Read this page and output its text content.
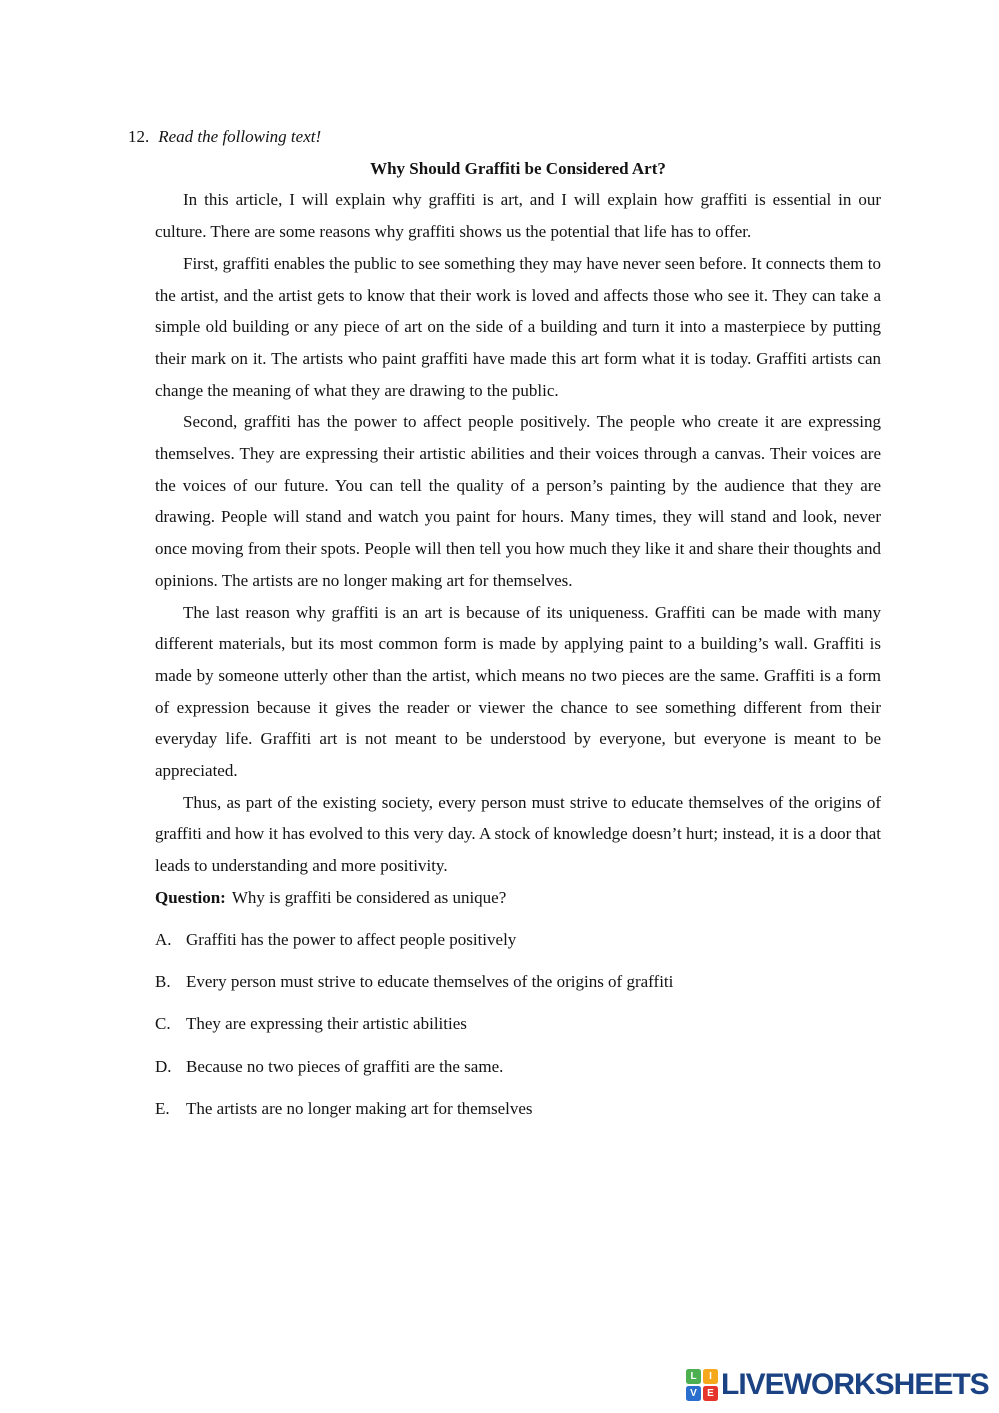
12. Read the following text!

Why Should Graffiti be Considered Art?

In this article, I will explain why graffiti is art, and I will explain how graffiti is essential in our culture. There are some reasons why graffiti shows us the potential that life has to offer.

First, graffiti enables the public to see something they may have never seen before. It connects them to the artist, and the artist gets to know that their work is loved and affects those who see it. They can take a simple old building or any piece of art on the side of a building and turn it into a masterpiece by putting their mark on it. The artists who paint graffiti have made this art form what it is today. Graffiti artists can change the meaning of what they are drawing to the public.

Second, graffiti has the power to affect people positively. The people who create it are expressing themselves. They are expressing their artistic abilities and their voices through a canvas. Their voices are the voices of our future. You can tell the quality of a person’s painting by the audience that they are drawing. People will stand and watch you paint for hours. Many times, they will stand and look, never once moving from their spots. People will then tell you how much they like it and share their thoughts and opinions. The artists are no longer making art for themselves.

The last reason why graffiti is an art is because of its uniqueness. Graffiti can be made with many different materials, but its most common form is made by applying paint to a building’s wall. Graffiti is made by someone utterly other than the artist, which means no two pieces are the same. Graffiti is a form of expression because it gives the reader or viewer the chance to see something different from their everyday life. Graffiti art is not meant to be understood by everyone, but everyone is meant to be appreciated.

Thus, as part of the existing society, every person must strive to educate themselves of the origins of graffiti and how it has evolved to this very day. A stock of knowledge doesn’t hurt; instead, it is a door that leads to understanding and more positivity.

Question: Why is graffiti be considered as unique?

A. Graffiti has the power to affect people positively
B. Every person must strive to educate themselves of the origins of graffiti
C. They are expressing their artistic abilities
D. Because no two pieces of graffiti are the same.
E. The artists are no longer making art for themselves
L	I
V	E LIVEWORKSHEETS
